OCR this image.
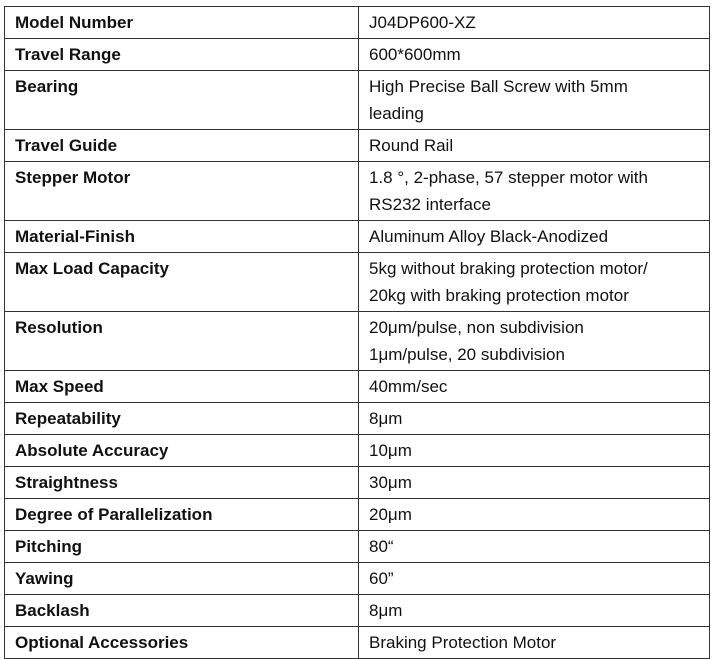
Model Number	J04DP600-XZ

Travel Range	600*600mm

Bearing	High Precise Ball Screw with 5mm
leading

Travel Guide	Round Rail

Stepper Motor	1.8 °, 2-phase, 57 stepper motor with
RS232 interface

Material-Finish	Aluminum Alloy Black-Anodized

Max Load Capacity	5kg without braking protection motor/
20kg with braking protection motor

Resolution	20μm/pulse, non subdivision
1μm/pulse, 20 subdivision

Max Speed	40mm/sec

Repeatability	8μm

Absolute Accuracy	10μm

Straightness	30μm

Degree of Parallelization	20μm

Pitching	80“

Yawing	60”

Backlash	8μm

Optional Accessories	Braking Protection Motor
